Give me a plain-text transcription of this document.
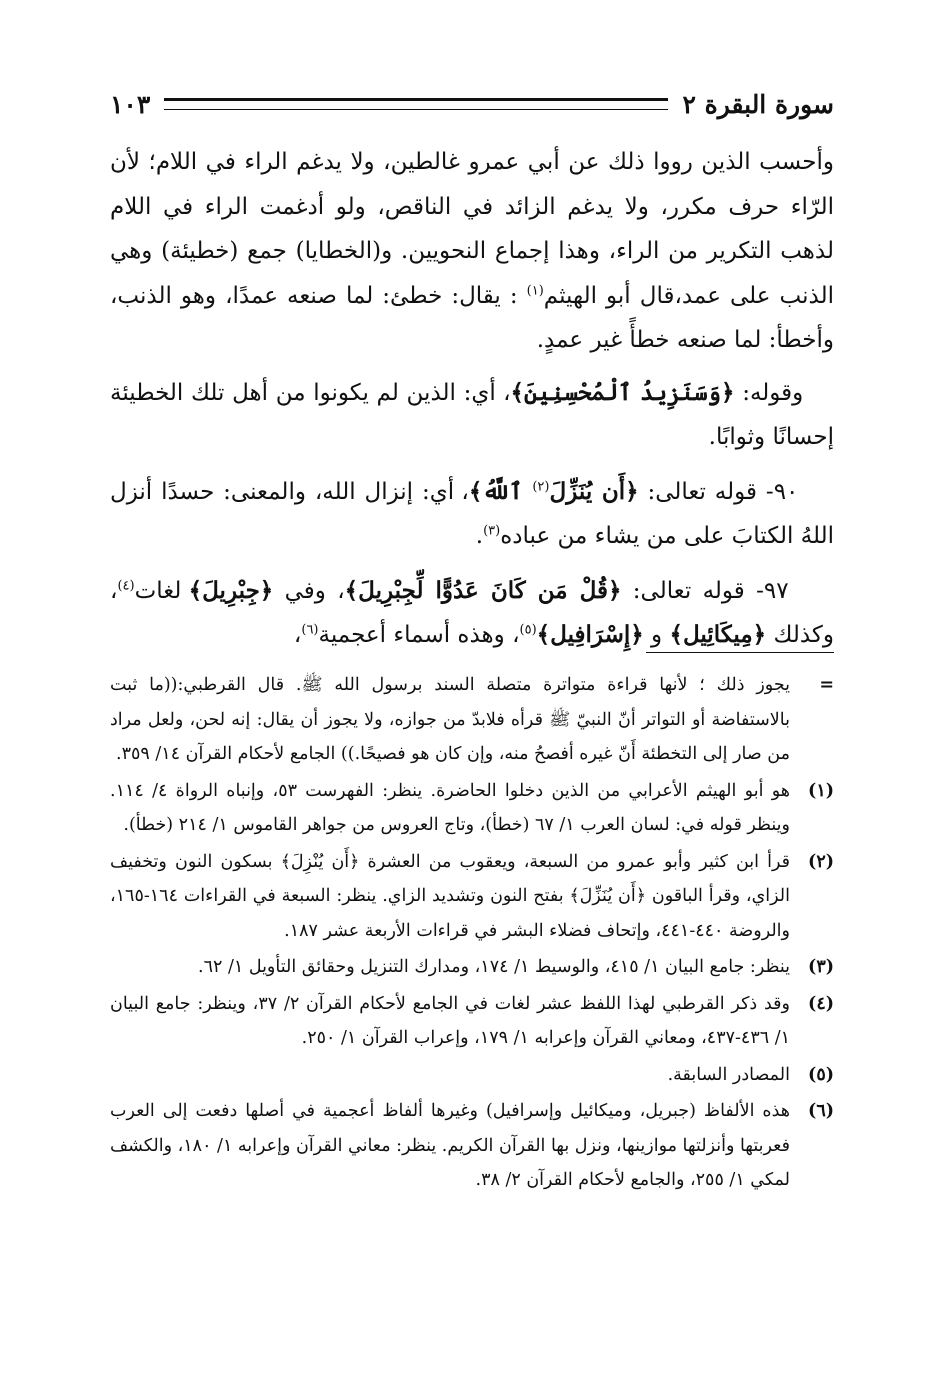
سورة البقرة ٢
١٠٣

وأحسب الذين رووا ذلك عن أبي عمرو غالطين، ولا يدغم الراء في اللام؛ لأن الرّاء حرف مكرر، ولا يدغم الزائد في الناقص، ولو أدغمت الراء في اللام لذهب التكرير من الراء، وهذا إجماع النحويين. و(الخطايا) جمع (خطيئة) وهي الذنب على عمد،قال أبو الهيثم$^{(١)}$ : يقال: خطئ: لما صنعه عمدًا، وهو الذنب، وأخطأ: لما صنعه خطأً غير عمدٍ.

وقوله: ﴿وَسَنَزِيدُ ٱلْمُحْسِنِينَ﴾، أي: الذين لم يكونوا من أهل تلك الخطيئة إحسانًا وثوابًا.

٩٠- قوله تعالى: ﴿أَن يُنَزِّلَ$^{(٢)}$ ٱللَّهُ﴾، أي: إنزال الله، والمعنى: حسدًا أنزل اللهُ الكتابَ على من يشاء من عباده$^{(٣)}$.

٩٧- قوله تعالى: ﴿قُلْ مَن كَانَ عَدُوًّا لِّجِبْرِيلَ﴾، وفي ﴿جِبْرِيلَ﴾ لغات$^{(٤)}$، وكذلك ﴿مِيكَائِيل﴾ و ﴿إِسْرَافِيل﴾$^{(٥)}$، وهذه أسماء أعجمية$^{(٦)}$،

=
يجوز ذلك ؛ لأنها قراءة متواترة متصلة السند برسول الله ﷺ. قال القرطبي:((ما ثبت بالاستفاضة أو التواتر أنّ النبيّ ﷺ قرأه فلابدّ من جوازه، ولا يجوز أن يقال: إنه لحن، ولعل مراد من صار إلى التخطئة أَنّ غيره أفصحُ منه، وإن كان هو فصيحًا.)) الجامع لأحكام القرآن ١٤/ ٣٥٩.
(١)
هو أبو الهيثم الأعرابي من الذين دخلوا الحاضرة. ينظر: الفهرست ٥٣، وإنباه الرواة ٤/ ١١٤. وينظر قوله في: لسان العرب ١/ ٦٧ (خطأ)، وتاج العروس من جواهر القاموس ١/ ٢١٤ (خطأ).
(٢)
قرأ ابن كثير وأبو عمرو من السبعة، ويعقوب من العشرة ﴿أَن يُنْزِلَ﴾ بسكون النون وتخفيف الزاي، وقرأ الباقون ﴿أَن يُنَزِّلَ﴾ بفتح النون وتشديد الزاي. ينظر: السبعة في القراءات ١٦٤-١٦٥، والروضة ٤٤٠-٤٤١، وإتحاف فضلاء البشر في قراءات الأربعة عشر ١٨٧.
(٣)
ينظر: جامع البيان ١/ ٤١٥، والوسيط ١/ ١٧٤، ومدارك التنزيل وحقائق التأويل ١/ ٦٢.
(٤)
وقد ذكر القرطبي لهذا اللفظ عشر لغات في الجامع لأحكام القرآن ٢/ ٣٧، وينظر: جامع البيان ١/ ٤٣٦-٤٣٧، ومعاني القرآن وإعرابه ١/ ١٧٩، وإعراب القرآن ١/ ٢٥٠.
(٥)
المصادر السابقة.
(٦)
هذه الألفاظ (جبريل، وميكائيل وإسرافيل) وغيرها ألفاظ أعجمية في أصلها دفعت إلى العرب فعربتها وأنزلتها موازينها، ونزل بها القرآن الكريم. ينظر: معاني القرآن وإعرابه ١/ ١٨٠، والكشف لمكي ١/ ٢٥٥، والجامع لأحكام القرآن ٢/ ٣٨.
